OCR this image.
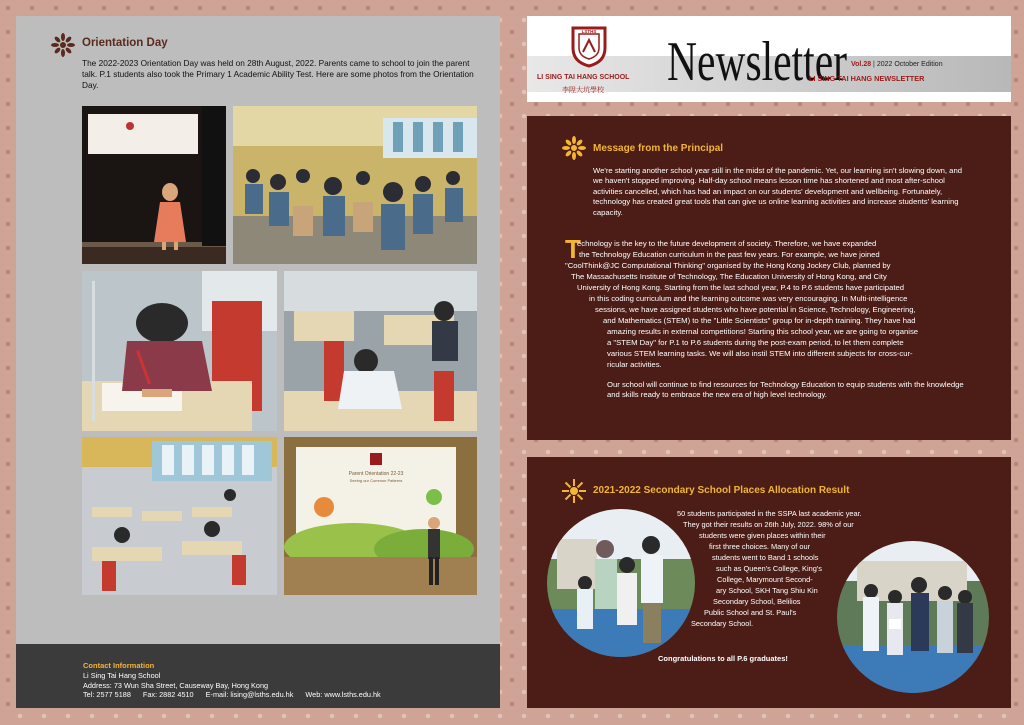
Orientation Day
The 2022-2023 Orientation Day was held on 28th August, 2022. Parents came to school to join the parent talk. P.1 students also took the Primary 1 Academic Ability Test. Here are some photos from the Orientation Day.
Parent Orientation 22-23
Seeing our Common Patterns
Contact Information
Li Sing Tai Hang School
Address: 73 Wun Sha Street, Causeway Bay, Hong Kong
Tel: 2577 5188 Fax: 2882 4510 E-mail: lising@lsths.edu.hk Web: www.lsths.edu.hk
LSTHS
LI SING TAI HANG SCHOOL
李陞大坑學校 Newsletter Vol.28 | 2022 October Edition
LI SING TAI HANG NEWSLETTER
Message from the Principal
We're starting another school year still in the midst of the pandemic. Yet, our learning isn't slowing down, and we haven't stopped improving. Half-day school means lesson time has shortened and most after-school activities cancelled, which has had an impact on our students' development and wellbeing. Fortunately, technology has created great tools that can give us online learning activities and increase students' learning capacity.
T
echnology is the key to the future development of society. Therefore, we have expanded
the Technology Education curriculum in the past few years. For example, we have joined
"CoolThink@JC Computational Thinking" organised by the Hong Kong Jockey Club, planned by
The Massachusetts Institute of Technology, The Education University of Hong Kong, and City
University of Hong Kong. Starting from the last school year, P.4 to P.6 students have participated
in this coding curriculum and the learning outcome was very encouraging. In Multi-intelligence
sessions, we have assigned students who have potential in Science, Technology, Engineering,
and Mathematics (STEM) to the "Little Scientists" group for in-depth training. They have had
amazing results in external competitions! Starting this school year, we are going to organise
a "STEM Day" for P.1 to P.6 students during the post-exam period, to let them complete
various STEM learning tasks. We will also instil STEM into different subjects for cross-cur-
ricular activities.
Our school will continue to find resources for Technology Education to equip students with the knowledge and skills ready to embrace the new era of high level technology.
2021-2022 Secondary School Places Allocation Result
50 students participated in the SSPA last academic year.
They got their results on 26th July, 2022. 98% of our
students were given places within their
first three choices. Many of our
students went to Band 1 schools
such as Queen's College, King's
College, Marymount Second-
ary School, SKH Tang Shiu Kin
Secondary School, Belilios
Public School and St. Paul's
Secondary School.
Congratulations to all P.6 graduates!
